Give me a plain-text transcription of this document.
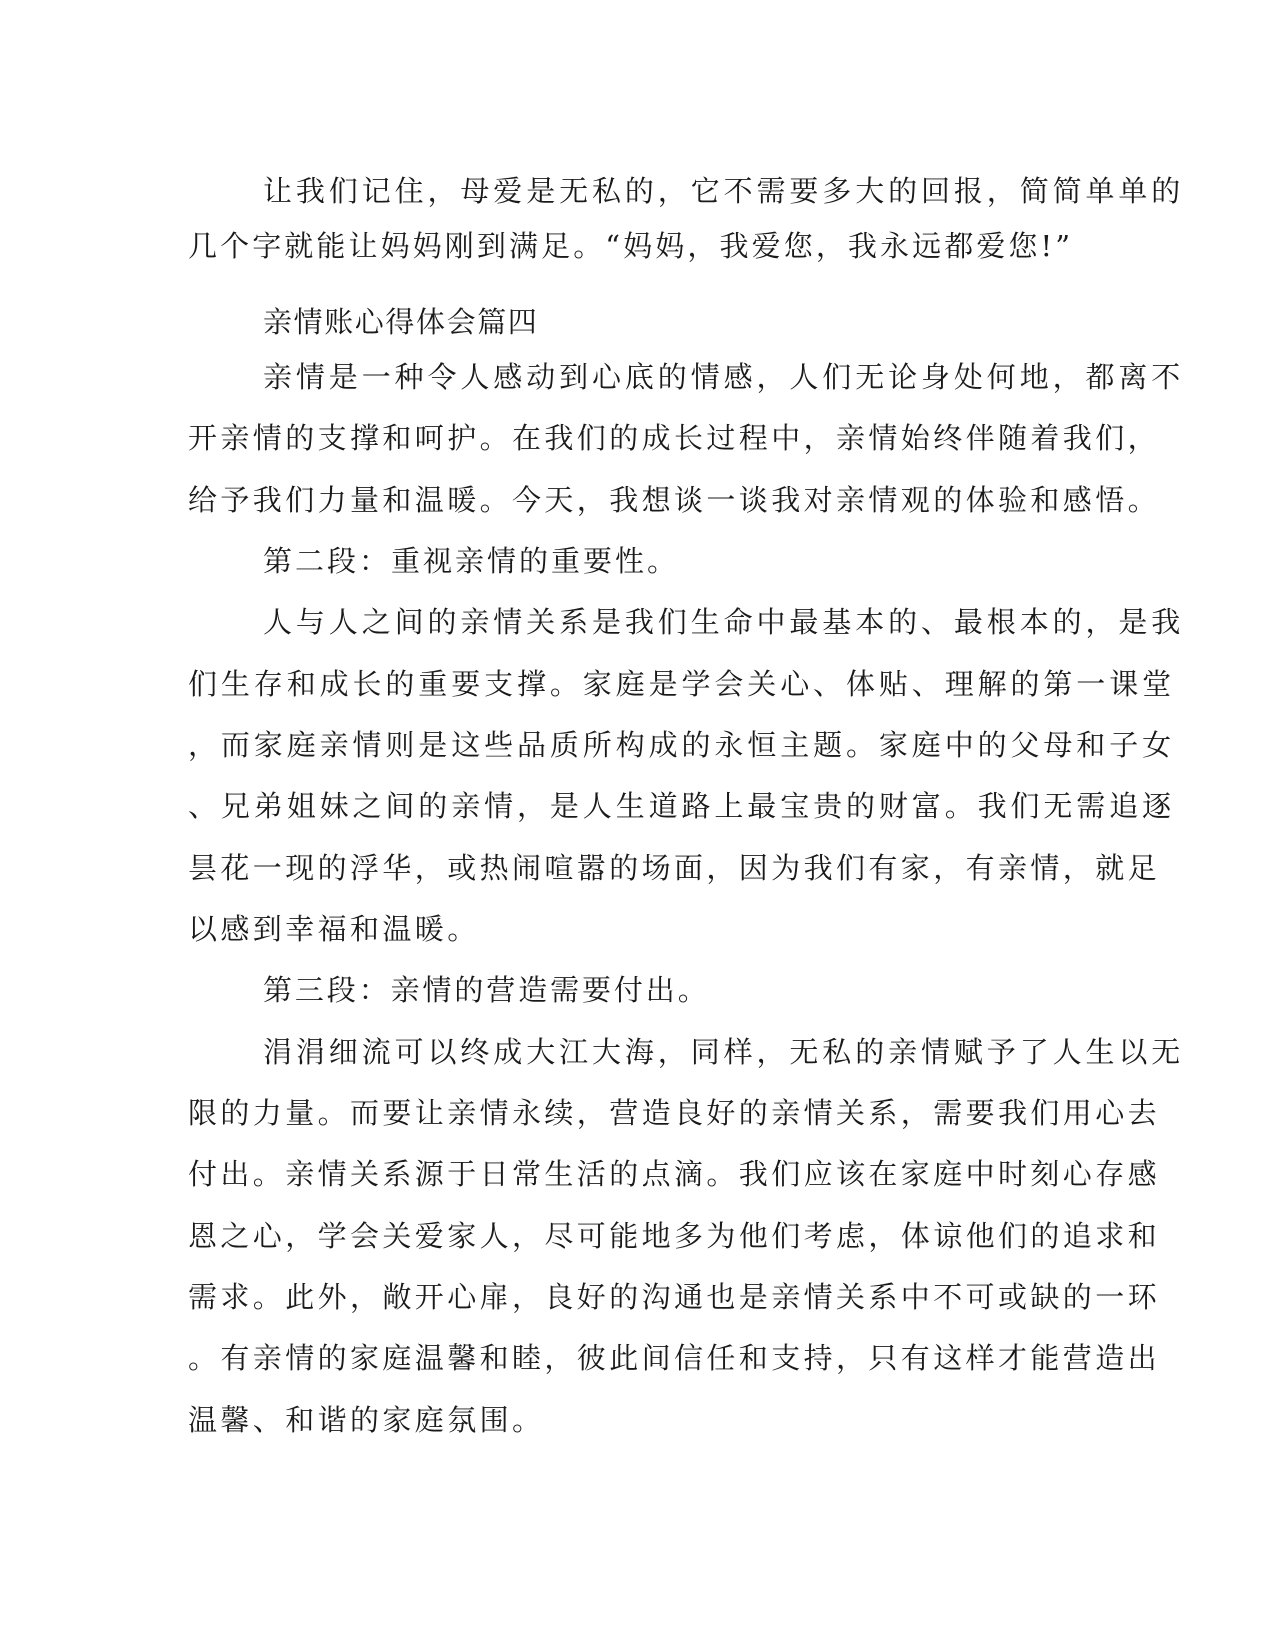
让我们记住，母爱是无私的，它不需要多大的回报，简简单单的

几个字就能让妈妈刚到满足。“妈妈，我爱您，我永远都爱您!”

亲情账心得体会篇四

亲情是一种令人感动到心底的情感，人们无论身处何地，都离不

开亲情的支撑和呵护。在我们的成长过程中，亲情始终伴随着我们，

给予我们力量和温暖。今天，我想谈一谈我对亲情观的体验和感悟。

第二段：重视亲情的重要性。

人与人之间的亲情关系是我们生命中最基本的、最根本的，是我

们生存和成长的重要支撑。家庭是学会关心、体贴、理解的第一课堂

，而家庭亲情则是这些品质所构成的永恒主题。家庭中的父母和子女

、兄弟姐妹之间的亲情，是人生道路上最宝贵的财富。我们无需追逐

昙花一现的浮华，或热闹喧嚣的场面，因为我们有家，有亲情，就足

以感到幸福和温暖。

第三段：亲情的营造需要付出。

涓涓细流可以终成大江大海，同样，无私的亲情赋予了人生以无

限的力量。而要让亲情永续，营造良好的亲情关系，需要我们用心去

付出。亲情关系源于日常生活的点滴。我们应该在家庭中时刻心存感

恩之心，学会关爱家人，尽可能地多为他们考虑，体谅他们的追求和

需求。此外，敞开心扉，良好的沟通也是亲情关系中不可或缺的一环

。有亲情的家庭温馨和睦，彼此间信任和支持，只有这样才能营造出

温馨、和谐的家庭氛围。
